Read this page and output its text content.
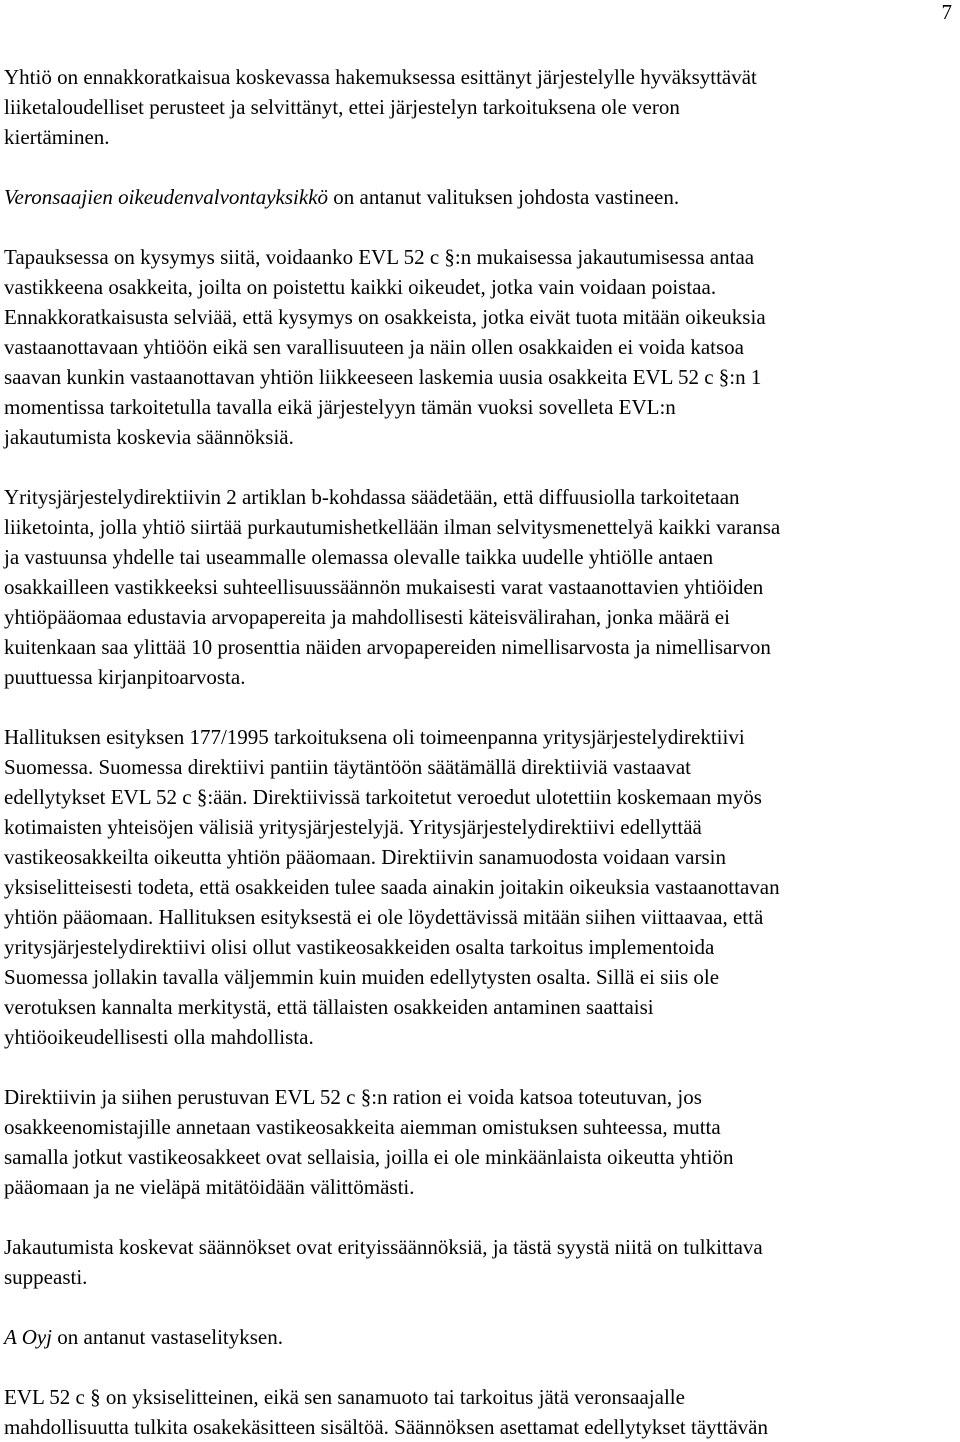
7

Yhtiö on ennakkoratkaisua koskevassa hakemuksessa esittänyt järjestelylle hyväksyttävät
liiketaloudelliset perusteet ja selvittänyt, ettei järjestelyn tarkoituksena ole veron
kiertäminen.

Veronsaajien oikeudenvalvontayksikkö on antanut valituksen johdosta vastineen.

Tapauksessa on kysymys siitä, voidaanko EVL 52 c §:n mukaisessa jakautumisessa antaa
vastikkeena osakkeita, joilta on poistettu kaikki oikeudet, jotka vain voidaan poistaa.
Ennakkoratkaisusta selviää, että kysymys on osakkeista, jotka eivät tuota mitään oikeuksia
vastaanottavaan yhtiöön eikä sen varallisuuteen ja näin ollen osakkaiden ei voida katsoa
saavan kunkin vastaanottavan yhtiön liikkeeseen laskemia uusia osakkeita EVL 52 c §:n 1
momentissa tarkoitetulla tavalla eikä järjestelyyn tämän vuoksi sovelleta EVL:n
jakautumista koskevia säännöksiä.

Yritysjärjestelydirektiivin 2 artiklan b-kohdassa säädetään, että diffuusiolla tarkoitetaan
liiketointa, jolla yhtiö siirtää purkautumishetkellään ilman selvitysmenettelyä kaikki varansa
ja vastuunsa yhdelle tai useammalle olemassa olevalle taikka uudelle yhtiölle antaen
osakkailleen vastikkeeksi suhteellisuussäännön mukaisesti varat vastaanottavien yhtiöiden
yhtiöpääomaa edustavia arvopapereita ja mahdollisesti käteisvälirahan, jonka määrä ei
kuitenkaan saa ylittää 10 prosenttia näiden arvopapereiden nimellisarvosta ja nimellisarvon
puuttuessa kirjanpitoarvosta.

Hallituksen esityksen 177/1995 tarkoituksena oli toimeenpanna yritysjärjestelydirektiivi
Suomessa. Suomessa direktiivi pantiin täytäntöön säätämällä direktiiviä vastaavat
edellytykset EVL 52 c §:ään. Direktiivissä tarkoitetut veroedut ulotettiin koskemaan myös
kotimaisten yhteisöjen välisiä yritysjärjestelyjä. Yritysjärjestelydirektiivi edellyttää
vastikeosakkeilta oikeutta yhtiön pääomaan. Direktiivin sanamuodosta voidaan varsin
yksiselitteisesti todeta, että osakkeiden tulee saada ainakin joitakin oikeuksia vastaanottavan
yhtiön pääomaan. Hallituksen esityksestä ei ole löydettävissä mitään siihen viittaavaa, että
yritysjärjestelydirektiivi olisi ollut vastikeosakkeiden osalta tarkoitus implementoida
Suomessa jollakin tavalla väljemmin kuin muiden edellytysten osalta. Sillä ei siis ole
verotuksen kannalta merkitystä, että tällaisten osakkeiden antaminen saattaisi
yhtiöoikeudellisesti olla mahdollista.

Direktiivin ja siihen perustuvan EVL 52 c §:n ration ei voida katsoa toteutuvan, jos
osakkeenomistajille annetaan vastikeosakkeita aiemman omistuksen suhteessa, mutta
samalla jotkut vastikeosakkeet ovat sellaisia, joilla ei ole minkäänlaista oikeutta yhtiön
pääomaan ja ne vieläpä mitätöidään välittömästi.

Jakautumista koskevat säännökset ovat erityissäännöksiä, ja tästä syystä niitä on tulkittava
suppeasti.

A Oyj on antanut vastaselityksen.

EVL 52 c § on yksiselitteinen, eikä sen sanamuoto tai tarkoitus jätä veronsaajalle
mahdollisuutta tulkita osakekäsitteen sisältöä. Säännöksen asettamat edellytykset täyttävän
